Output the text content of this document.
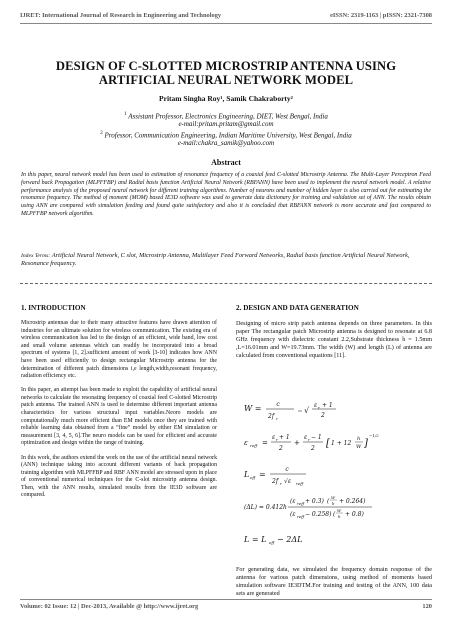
IJRET: International Journal of Research in Engineering and Technology	eISSN: 2319-1163 | pISSN: 2321-7308
DESIGN OF C-SLOTTED MICROSTRIP ANTENNA USING
ARTIFICIAL NEURAL NETWORK MODEL
Pritam Singha Roy¹, Samik Chakraborty²
$^1$ Assistant Professor, Electronics Engineering, DIET, West Bengal, India
e-mail:pritam.pritam@gmail.com
$^2$ Professor, Communication Engineering, Indian Maritime University, West Bengal, India
e-mail:chakra_samik@yahoo.com
Abstract
In this paper, neural network model has been used to estimation of resonance frequency of a coaxial feed C-slotted Microstrip Antenna. The Multi-Layer Perceptron Feed forward back Propagation (MLPFFBP) and Radial basis function Artificial Neural Network (RBFANN) have been used to implement the neural network model. A relative performance analysis of the proposed neural network for different training algorithms. Number of neurons and number of hidden layer is also carried out for estimating the resonance frequency. The method of moment (MOM) based IE3D software was used to generate data dictionary for training and validation set of ANN. The results obtain using ANN are compared with simulation feeding and found quite satisfactory and also it is concluded that RBFANN network is more accurate and fast compared to MLPFFBP network algorithm.
Index Terms: Artificial Neural Network, C slot, Microstrip Antenna, Multilayer Feed Forward Networks, Radial basis function Artificial Neural Network, Resonance frequency.
1. INTRODUCTION

Microstrip antennas due to their many attractive features have drawn attention of industries for an ultimate solution for wireless communication. The existing era of wireless communication has led to the design of an efficient, wide band, low cost and small volume antennas which can readily be incorporated into a broad spectrum of systems [1, 2].sufficient amount of work [3-10] indicates how ANN have been used efficiently to design rectangular Microstrip antenna for the determination of different patch dimensions i,e length,width,resonant frequency, radiation efficiency etc.

In this paper, an attempt has been made to exploit the capability of artificial neural networks to calculate the resonating frequency of coaxial feed C-slotted Microstrip patch antenna. The trained ANN is used to determine different important antenna characteristics for various structural input variables.Neoro models are computationally much more efficient than EM models once they are trained with reliable learning data obtained from a “fine” model by either EM simulation or measurement [3, 4, 5, 6].The neuro models can be used for efficient and accurate optimization and design within the range of training.

In this work, the authors extend the work on the use of the artificial neural network (ANN) technique taking into account different variants of back propagation training algorithm with MLPFFBP and RBF ANN model are stressed upon in place of conventional numerical techniques for the C-slot microstrip antenna design. Then, with the ANN results, simulated results from the IE3D software are compared.

2. DESIGN AND DATA GENERATION

Designing of micro strip patch antenna depends on three parameters. In this paper The rectangular patch Microstrip antenna is designed to resonate at 6.8 GHz frequency with dielectric constant 2.2,Substrate thickness h = 1.5mm ,L=16.01mm and W=19.73mm. The width (W) and length (L) of antenna are calculated from conventional equations [11].

W = c
2f r
√
ε r + 1
2
ε reff =
ε r + 1
2
+
ε r − 1
2 [ 1 + 12
h
W ]
−1/2
L eff =
c
2f r √ε reff
(ΔL) = 0.412h
(ε reff + 0.3) (
W
h + 0.264)
(ε reff − 0.258) (
W
h + 0.8)
L = L eff − 2ΔL

For generating data, we simulated the frequency domain response of the antenna for various patch dimensions, using method of moments based simulation software IE3DTM.For training and testing of the ANN, 100 data sets are generated

Volume: 02 Issue: 12 | Dec-2013, Available @ http://www.ijret.org	120
